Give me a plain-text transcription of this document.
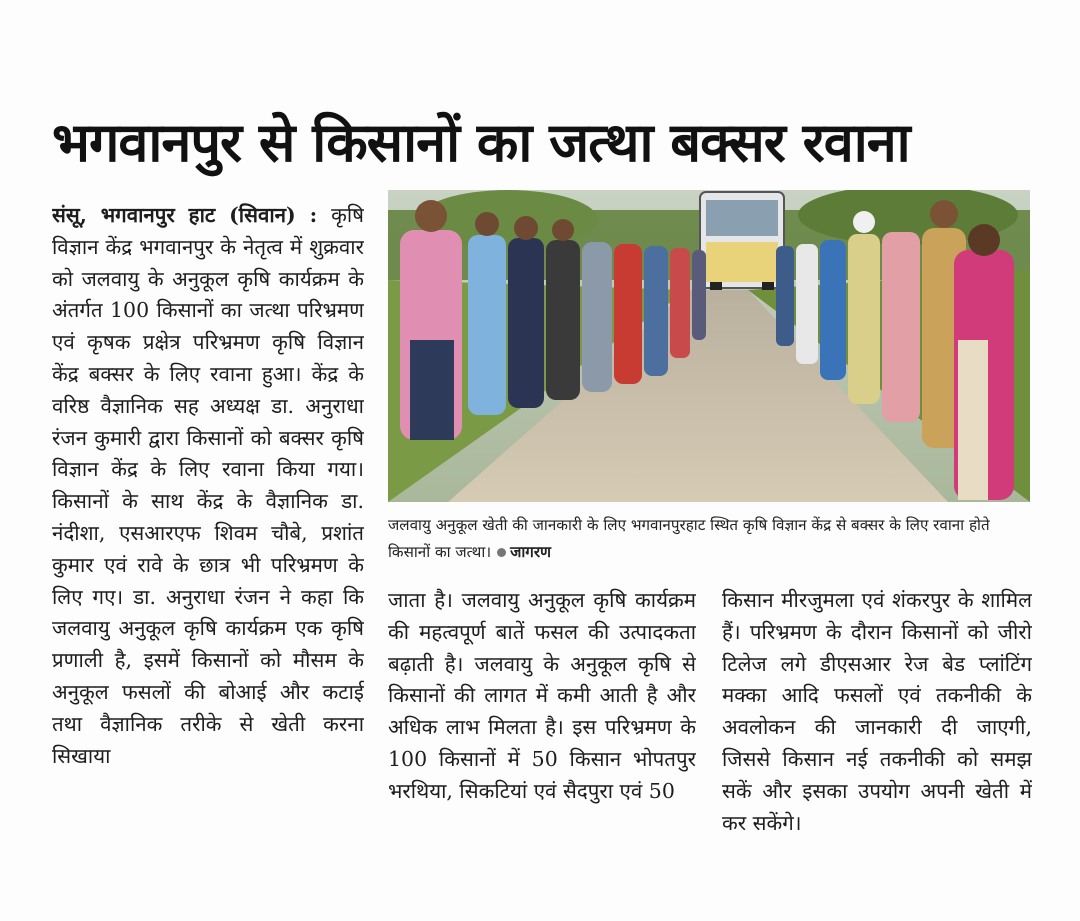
भगवानपुर से किसानों का जत्था बक्सर रवाना
संसू, भगवानपुर हाट (सिवान) : कृषि विज्ञान केंद्र भगवानपुर के नेतृत्व में शुक्रवार को जलवायु के अनुकूल कृषि कार्यक्रम के अंतर्गत 100 किसानों का जत्था परिभ्रमण एवं कृषक प्रक्षेत्र परिभ्रमण कृषि विज्ञान केंद्र बक्सर के लिए रवाना हुआ। केंद्र के वरिष्ठ वैज्ञानिक सह अध्यक्ष डा. अनुराधा रंजन कुमारी द्वारा किसानों को बक्सर कृषि विज्ञान केंद्र के लिए रवाना किया गया। किसानों के साथ केंद्र के वैज्ञानिक डा. नंदीशा, एसआरएफ शिवम चौबे, प्रशांत कुमार एवं रावे के छात्र भी परिभ्रमण के लिए गए। डा. अनुराधा रंजन ने कहा कि जलवायु अनुकूल कृषि कार्यक्रम एक कृषि प्रणाली है, इसमें किसानों को मौसम के अनुकूल फसलों की बोआई और कटाई तथा वैज्ञानिक तरीके से खेती करना सिखाया
जलवायु अनुकूल खेती की जानकारी के लिए भगवानपुरहाट स्थित कृषि विज्ञान केंद्र से बक्सर के लिए रवाना होते किसानों का जत्था। जागरण
जाता है। जलवायु अनुकूल कृषि कार्यक्रम की महत्वपूर्ण बातें फसल की उत्पादकता बढ़ाती है। जलवायु के अनुकूल कृषि से किसानों की लागत में कमी आती है और अधिक लाभ मिलता है। इस परिभ्रमण के 100 किसानों में 50 किसान भोपतपुर भरथिया, सिकटियां एवं सैदपुरा एवं 50
किसान मीरजुमला एवं शंकरपुर के शामिल हैं। परिभ्रमण के दौरान किसानों को जीरो टिलेज लगे डीएसआर रेज बेड प्लांटिंग मक्का आदि फसलों एवं तकनीकी के अवलोकन की जानकारी दी जाएगी, जिससे किसान नई तकनीकी को समझ सकें और इसका उपयोग अपनी खेती में कर सकेंगे।
